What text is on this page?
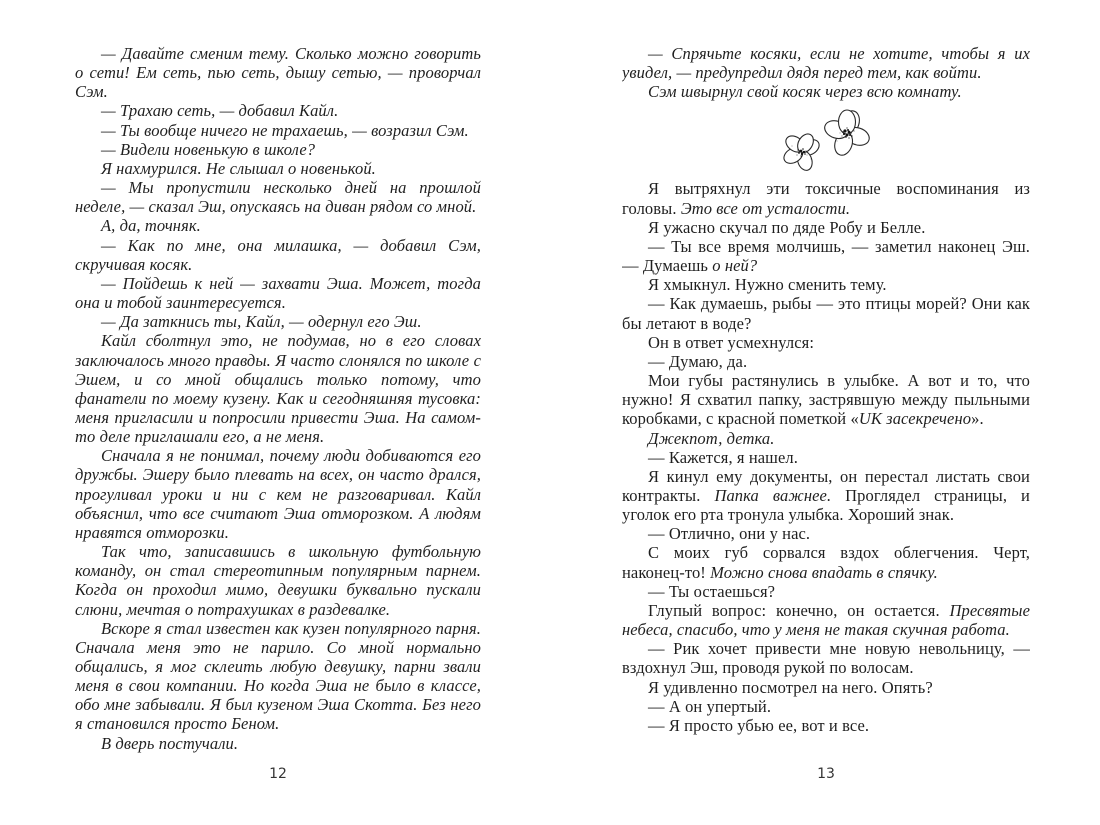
— Давайте сменим тему. Сколько можно говорить о сети! Ем сеть, пью сеть, дышу сетью, — проворчал Сэм.

— Трахаю сеть, — добавил Кайл.

— Ты вообще ничего не трахаешь, — возразил Сэм.

— Видели новенькую в школе?

Я нахмурился. Не слышал о новенькой.

— Мы пропустили несколько дней на прошлой неделе, — сказал Эш, опускаясь на диван рядом со мной.

А, да, точняк.

— Как по мне, она милашка, — добавил Сэм, скручивая косяк.

— Пойдешь к ней — захвати Эша. Может, тогда она и тобой заинтересуется.

— Да заткнись ты, Кайл, — одернул его Эш.

Кайл сболтнул это, не подумав, но в его словах заключалось много правды. Я часто слонялся по школе с Эшем, и со мной общались только потому, что фанатели по моему кузену. Как и сегодняшняя тусовка: меня пригласили и попросили привести Эша. На самом-то деле приглашали его, а не меня.

Сначала я не понимал, почему люди добиваются его дружбы. Эшеру было плевать на всех, он часто дрался, прогуливал уроки и ни с кем не разговаривал. Кайл объяснил, что все считают Эша отморозком. А людям нравятся отморозки.

Так что, записавшись в школьную футбольную команду, он стал стереотипным популярным парнем. Когда он проходил мимо, девушки буквально пускали слюни, мечтая о потрахушках в раздевалке.

Вскоре я стал известен как кузен популярного парня. Сначала меня это не парило. Со мной нормально общались, я мог склеить любую девушку, парни звали меня в свои компании. Но когда Эша не было в классе, обо мне забывали. Я был кузеном Эша Скотта. Без него я становился просто Беном.

В дверь постучали.

12

— Спрячьте косяки, если не хотите, чтобы я их увидел, — предупредил дядя перед тем, как войти.

Сэм швырнул свой косяк через всю комнату.

Я вытряхнул эти токсичные воспоминания из головы. Это все от усталости.

Я ужасно скучал по дяде Робу и Белле.

— Ты все время молчишь, — заметил наконец Эш. — Думаешь о ней?

Я хмыкнул. Нужно сменить тему.

— Как думаешь, рыбы — это птицы морей? Они как бы летают в воде?

Он в ответ усмехнулся:

— Думаю, да.

Мои губы растянулись в улыбке. А вот и то, что нужно! Я схватил папку, застрявшую между пыльными коробками, с красной пометкой «UK засекречено».

Джекпот, детка.

— Кажется, я нашел.

Я кинул ему документы, он перестал листать свои контракты. Папка важнее. Проглядел страницы, и уголок его рта тронула улыбка. Хороший знак.

— Отлично, они у нас.

С моих губ сорвался вздох облегчения. Черт, наконец-то! Можно снова впадать в спячку.

— Ты остаешься?

Глупый вопрос: конечно, он остается. Пресвятые небеса, спасибо, что у меня не такая скучная работа.

— Рик хочет привести мне новую невольницу, — вздохнул Эш, проводя рукой по волосам.

Я удивленно посмотрел на него. Опять?

— А он упертый.

— Я просто убью ее, вот и все.

13
